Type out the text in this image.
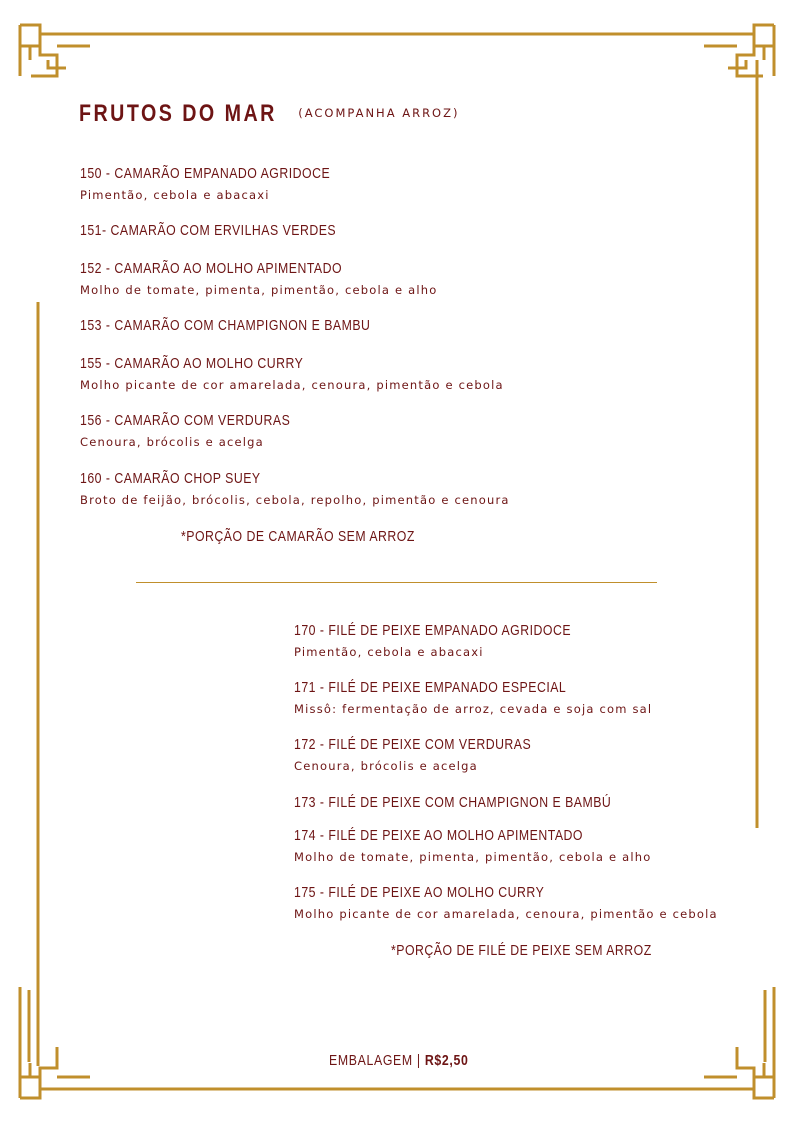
FRUTOS DO MAR (ACOMPANHA ARROZ)
150 - CAMARÃO EMPANADO AGRIDOCE
Pimentão, cebola e abacaxi
151- CAMARÃO COM ERVILHAS VERDES
152 - CAMARÃO AO MOLHO APIMENTADO
Molho de tomate, pimenta, pimentão, cebola e alho
153 - CAMARÃO COM CHAMPIGNON E BAMBU
155 - CAMARÃO AO MOLHO CURRY
Molho picante de cor amarelada, cenoura, pimentão e cebola
156 - CAMARÃO COM VERDURAS
Cenoura, brócolis e acelga
160 - CAMARÃO CHOP SUEY
Broto de feijão, brócolis, cebola, repolho, pimentão e cenoura
*PORÇÃO DE CAMARÃO SEM ARROZ
170 - FILÉ DE PEIXE EMPANADO AGRIDOCE
Pimentão, cebola e abacaxi
171 - FILÉ DE PEIXE EMPANADO ESPECIAL
Missô: fermentação de arroz, cevada e soja com sal
172 - FILÉ DE PEIXE COM VERDURAS
Cenoura, brócolis e acelga
173 - FILÉ DE PEIXE COM CHAMPIGNON E BAMBÚ
174 - FILÉ DE PEIXE AO MOLHO APIMENTADO
Molho de tomate, pimenta, pimentão, cebola e alho
175 - FILÉ DE PEIXE AO MOLHO CURRY
Molho picante de cor amarelada, cenoura, pimentão e cebola
*PORÇÃO DE FILÉ DE PEIXE SEM ARROZ
EMBALAGEM | R$2,50
